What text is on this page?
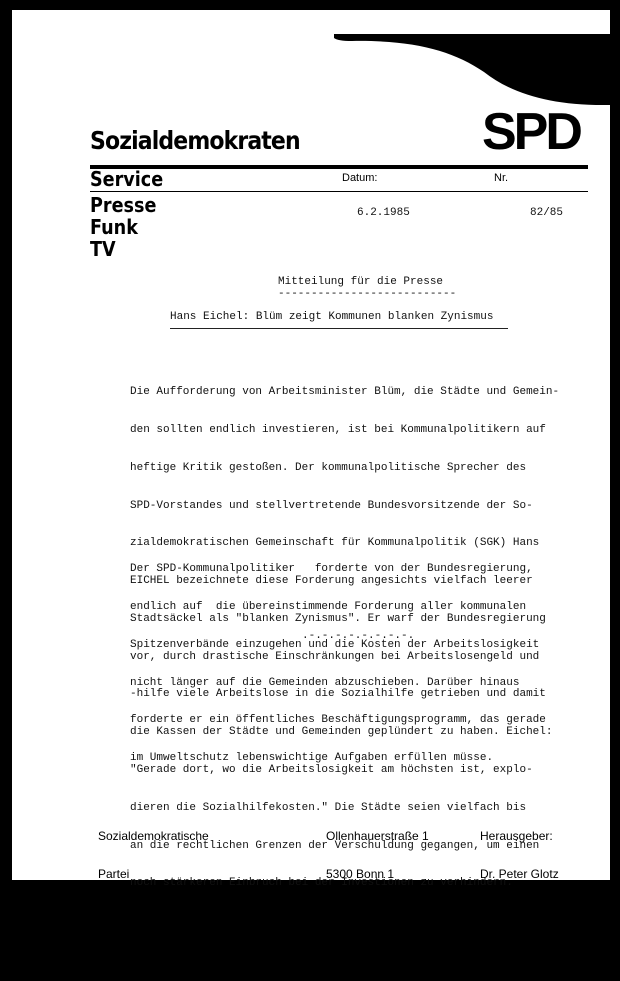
SPD
Sozialdemokraten
Service	Datum:	Nr.
Presse
Funk
TV
6.2.1985	82/85
Mitteilung für die Presse
---------------------------
Hans Eichel: Blüm zeigt Kommunen blanken Zynismus

Die Aufforderung von Arbeitsminister Blüm, die Städte und Gemein-

den sollten endlich investieren, ist bei Kommunalpolitikern auf

heftige Kritik gestoßen. Der kommunalpolitische Sprecher des

SPD-Vorstandes und stellvertretende Bundesvorsitzende der So-

zialdemokratischen Gemeinschaft für Kommunalpolitik (SGK) Hans

EICHEL bezeichnete diese Forderung angesichts vielfach leerer

Stadtsäckel als "blanken Zynismus". Er warf der Bundesregierung

vor, durch drastische Einschränkungen bei Arbeitslosengeld und

-hilfe viele Arbeitslose in die Sozialhilfe getrieben und damit

die Kassen der Städte und Gemeinden geplündert zu haben. Eichel:

"Gerade dort, wo die Arbeitslosigkeit am höchsten ist, explo-

dieren die Sozialhilfekosten." Die Städte seien vielfach bis

an die rechtlichen Grenzen der Verschuldung gegangen, um einen

noch stärkeren Einbruch bei der Investionen zu verhindern.

Der SPD-Kommunalpolitiker   forderte von der Bundesregierung,

endlich auf  die übereinstimmende Forderung aller kommunalen

Spitzenverbände einzugehen und die Kosten der Arbeitslosigkeit

nicht länger auf die Gemeinden abzuschieben. Darüber hinaus

forderte er ein öffentliches Beschäftigungsprogramm, das gerade

im Umweltschutz lebenswichtige Aufgaben erfüllen müsse.

.-.-.-.-.-.-.-.-.

Sozialdemokratische

Partei

Deutschlands

Der Parteivorstand

Ollenhauerstraße 1

5300 Bonn 1

Telefon (0228) 532-300

Telex 0886306

Herausgeber:

Dr. Peter Glotz

Redaktion:

Wolfgang Clement
